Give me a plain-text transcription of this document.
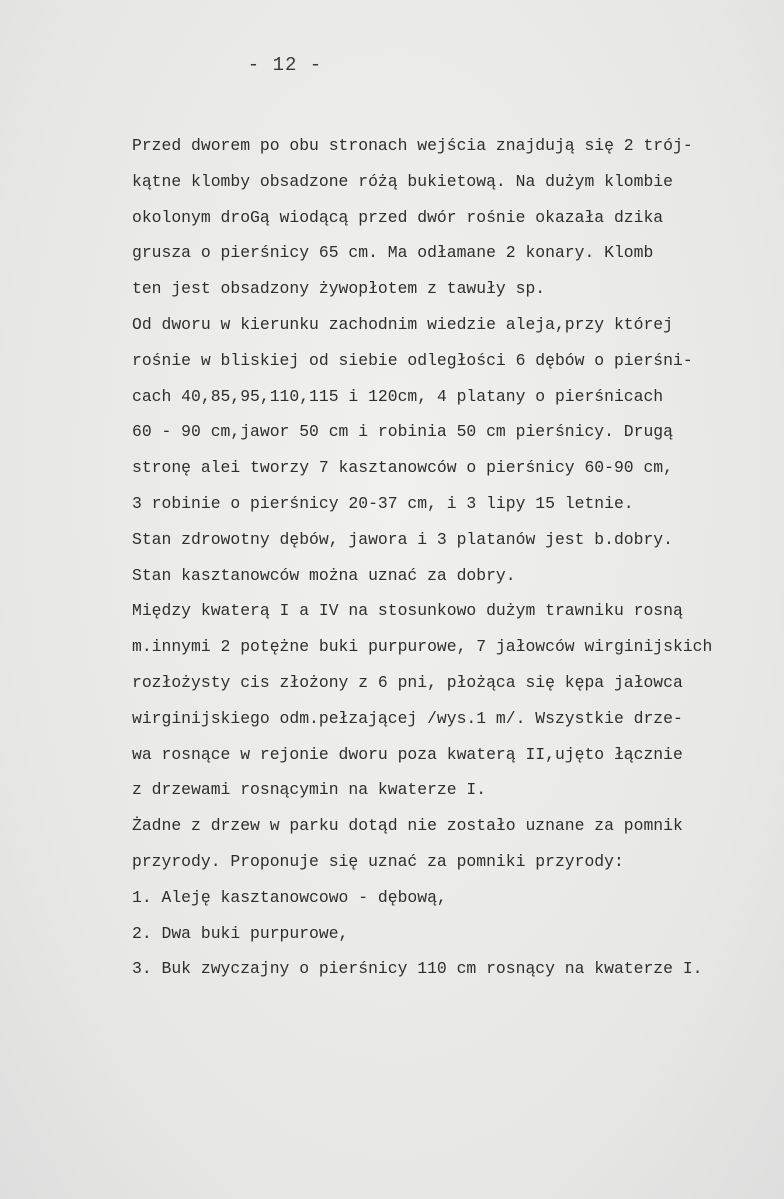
- 12 -
Przed dworem po obu stronach wejścia znajdują się 2 trój-
kątne klomby obsadzone różą bukietową. Na dużym klombie
okolonym droGą wiodącą przed dwór rośnie okazała dzika
grusza o pierśnicy 65 cm. Ma odłamane 2 konary. Klomb
ten jest obsadzony żywopłotem z tawuły sp.
Od dworu w kierunku zachodnim wiedzie aleja,przy której
rośnie w bliskiej od siebie odległości 6 dębów o pierśni-
cach 40,85,95,110,115 i 120cm, 4 platany o pierśnicach
60 - 90 cm,jawor 50 cm i robinia 50 cm pierśnicy. Drugą
stronę alei tworzy 7 kasztanowców o pierśnicy 60-90 cm,
3 robinie o pierśnicy 20-37 cm, i 3 lipy 15 letnie.
Stan zdrowotny dębów, jawora i 3 platanów jest b.dobry.
Stan kasztanowców można uznać za dobry.
Między kwaterą I a IV na stosunkowo dużym trawniku rosną
m.innymi 2 potężne buki purpurowe, 7 jałowców wirginijskich
rozłożysty cis złożony z 6 pni, płożąca się kępa jałowca
wirginijskiego odm.pełzającej /wys.1 m/. Wszystkie drze-
wa rosnące w rejonie dworu poza kwaterą II,ujęto łącznie
z drzewami rosnącymin na kwaterze I.
Żadne z drzew w parku dotąd nie zostało uznane za pomnik
przyrody. Proponuje się uznać za pomniki przyrody:
1. Aleję kasztanowcowo - dębową,
2. Dwa buki purpurowe,
3. Buk zwyczajny o pierśnicy 110 cm rosnący na kwaterze I.
